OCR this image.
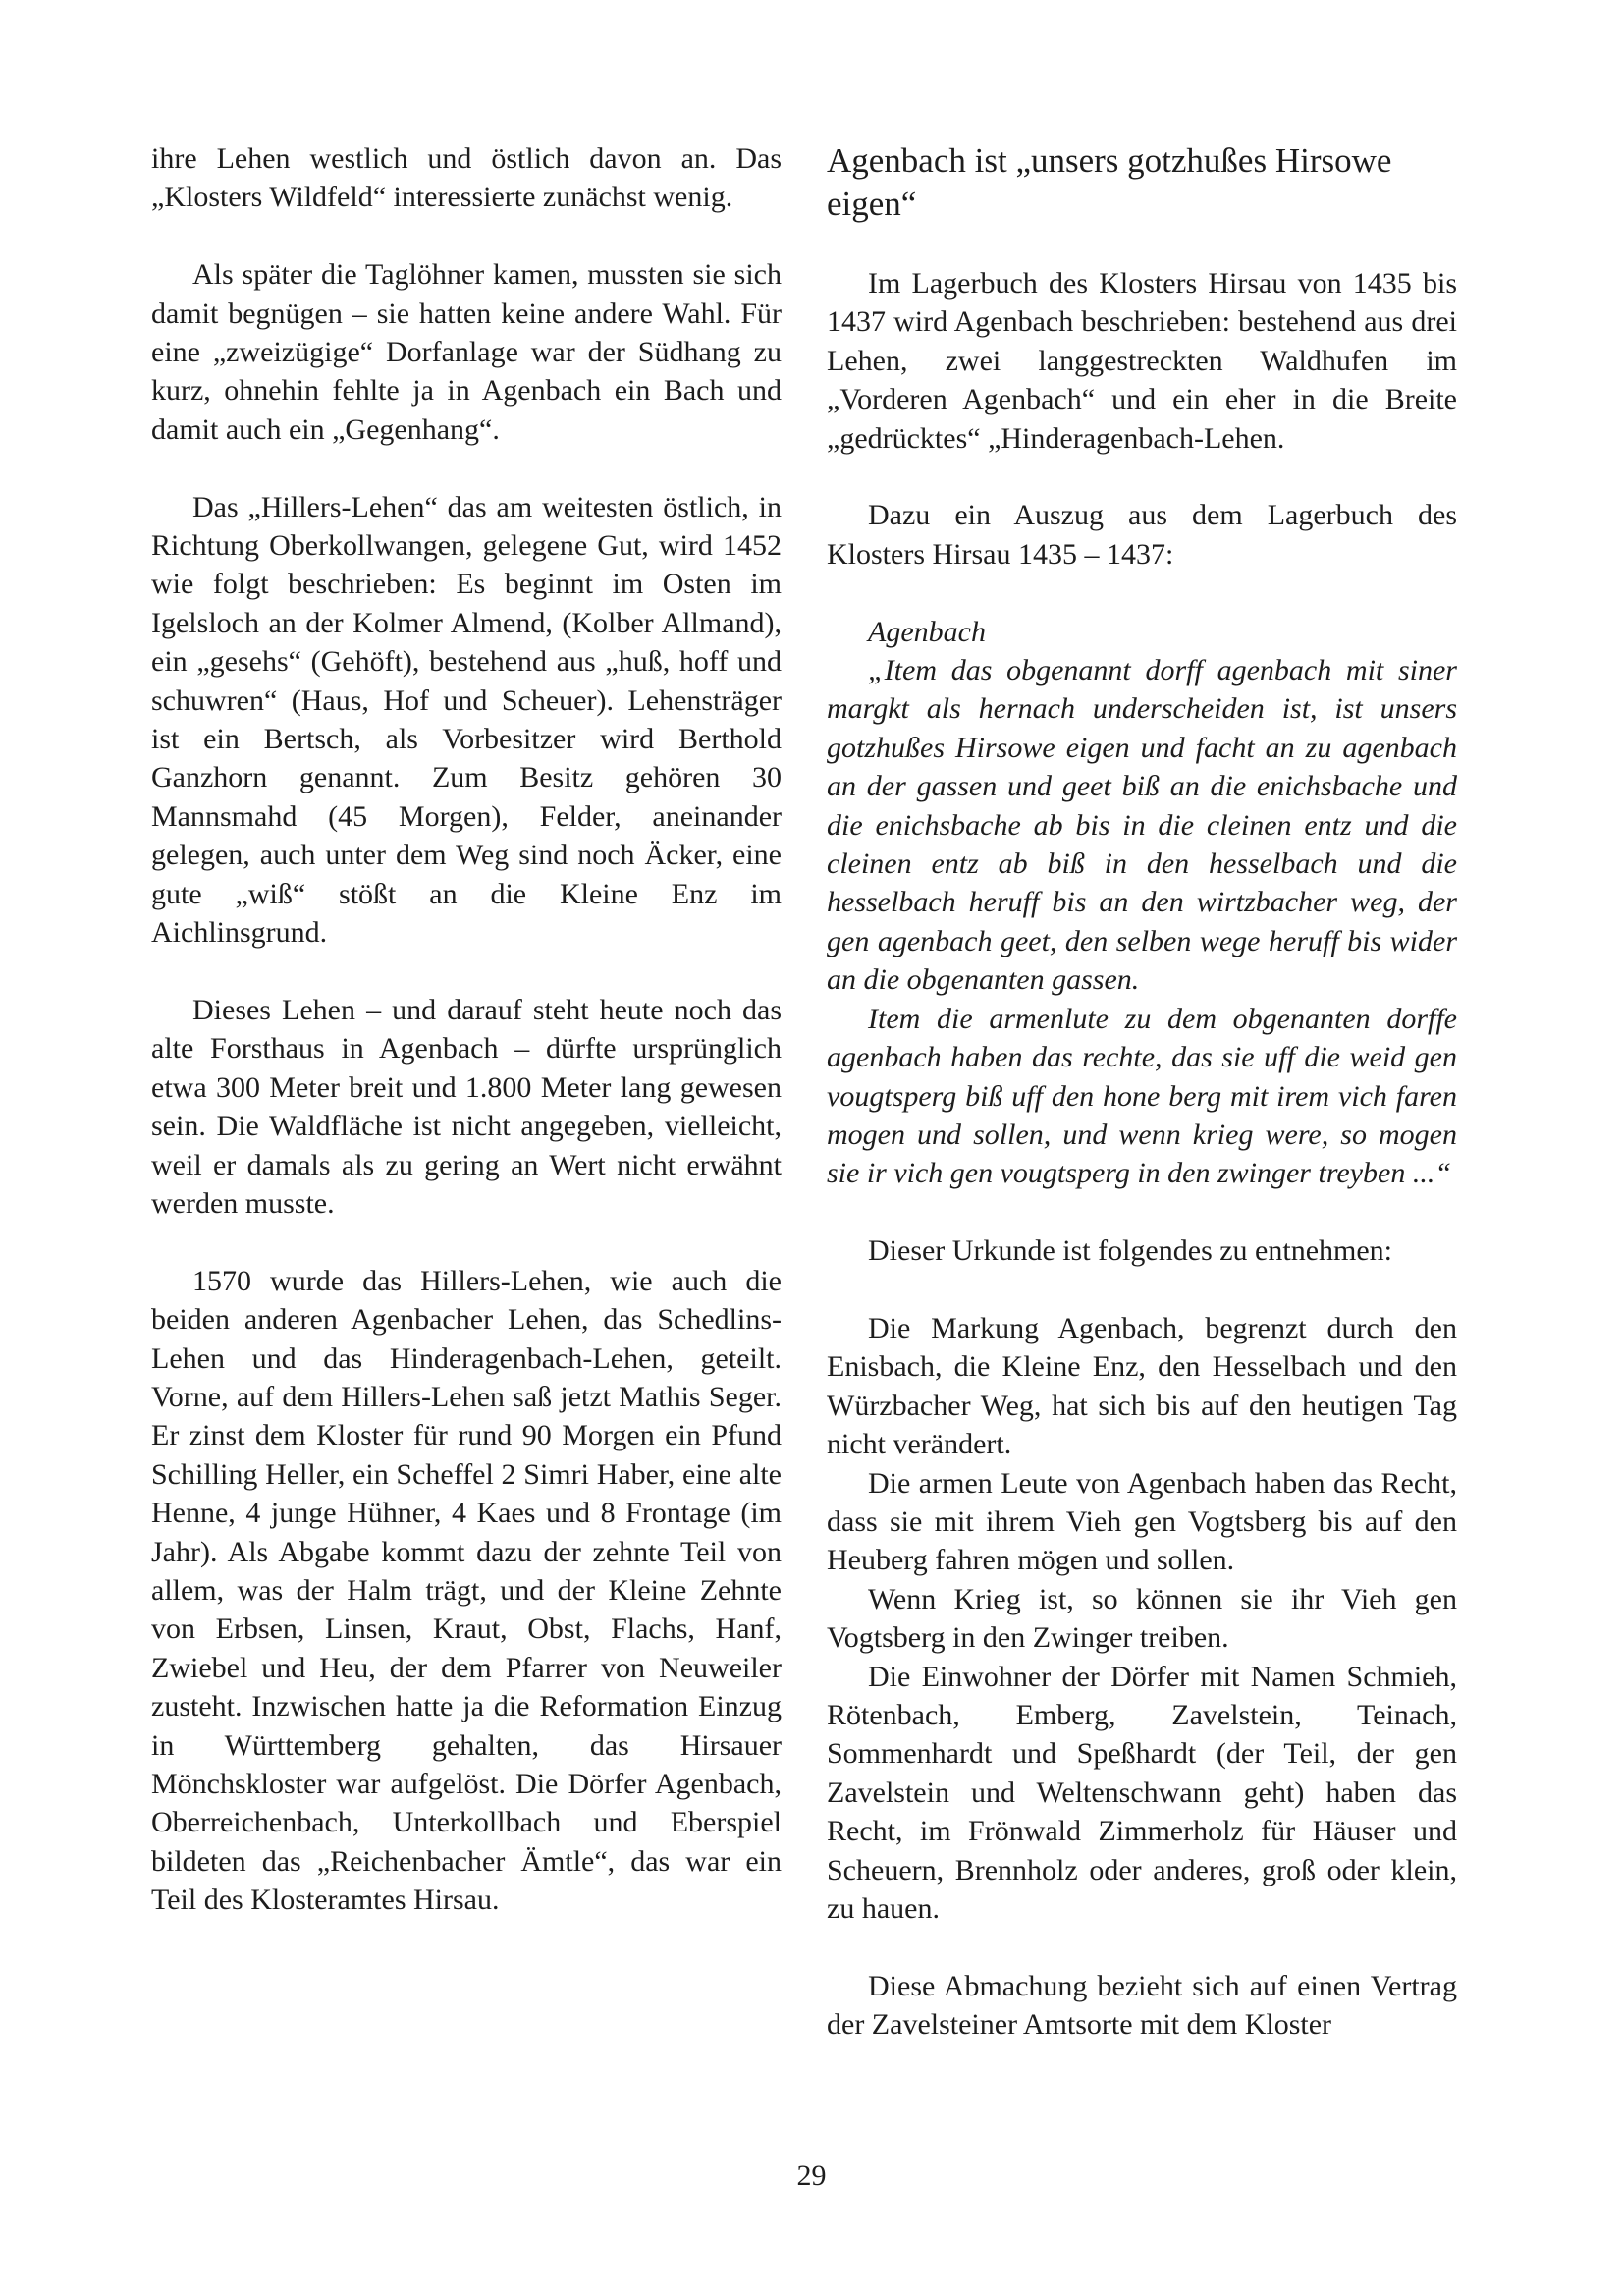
ihre Lehen westlich und östlich davon an. Das „Klosters Wildfeld“ interessierte zunächst wenig.

Als später die Taglöhner kamen, mussten sie sich damit begnügen – sie hatten keine andere Wahl. Für eine „zweizügige“ Dorfanlage war der Südhang zu kurz, ohnehin fehlte ja in Agenbach ein Bach und damit auch ein „Gegenhang“.

Das „Hillers-Lehen“ das am weitesten östlich, in Richtung Oberkollwangen, gelegene Gut, wird 1452 wie folgt beschrieben: Es beginnt im Osten im Igelsloch an der Kolmer Almend, (Kolber Allmand), ein „gesehs“ (Gehöft), bestehend aus „huß, hoff und schuwren“ (Haus, Hof und Scheuer). Lehensträger ist ein Bertsch, als Vorbesitzer wird Berthold Ganzhorn genannt. Zum Besitz gehören 30 Mannsmahd (45 Morgen), Felder, aneinander gelegen, auch unter dem Weg sind noch Äcker, eine gute „wiß“ stößt an die Kleine Enz im Aichlinsgrund.

Dieses Lehen – und darauf steht heute noch das alte Forsthaus in Agenbach – dürfte ursprünglich etwa 300 Meter breit und 1.800 Meter lang gewesen sein. Die Waldfläche ist nicht angegeben, vielleicht, weil er damals als zu gering an Wert nicht erwähnt werden musste.

1570 wurde das Hillers-Lehen, wie auch die beiden anderen Agenbacher Lehen, das Schedlins-Lehen und das Hinderagenbach-Lehen, geteilt. Vorne, auf dem Hillers-Lehen saß jetzt Mathis Seger. Er zinst dem Kloster für rund 90 Morgen ein Pfund Schilling Heller, ein Scheffel 2 Simri Haber, eine alte Henne, 4 junge Hühner, 4 Kaes und 8 Frontage (im Jahr). Als Abgabe kommt dazu der zehnte Teil von allem, was der Halm trägt, und der Kleine Zehnte von Erbsen, Linsen, Kraut, Obst, Flachs, Hanf, Zwiebel und Heu, der dem Pfarrer von Neuweiler zusteht. Inzwischen hatte ja die Reformation Einzug in Württemberg gehalten, das Hirsauer Mönchskloster war aufgelöst. Die Dörfer Agenbach, Oberreichenbach, Unterkollbach und Eberspiel bildeten das „Reichenbacher Ämtle“, das war ein Teil des Klosteramtes Hirsau.

Agenbach ist „unsers gotzhußes Hirsowe eigen“

Im Lagerbuch des Klosters Hirsau von 1435 bis 1437 wird Agenbach beschrieben: bestehend aus drei Lehen, zwei langgestreckten Waldhufen im „Vorderen Agenbach“ und ein eher in die Breite „gedrücktes“ „Hinderagenbach-Lehen.

Dazu ein Auszug aus dem Lagerbuch des Klosters Hirsau 1435 – 1437:

Agenbach

„Item das obgenannt dorff agenbach mit siner margkt als hernach underscheiden ist, ist unsers gotzhußes Hirsowe eigen und facht an zu agenbach an der gassen und geet biß an die enichsbache und die enichsbache ab bis in die cleinen entz und die cleinen entz ab biß in den hesselbach und die hesselbach heruff bis an den wirtzbacher weg, der gen agenbach geet, den selben wege heruff bis wider an die obgenanten gassen.

Item die armenlute zu dem obgenanten dorffe agenbach haben das rechte, das sie uff die weid gen vougtsperg biß uff den hone berg mit irem vich faren mogen und sollen, und wenn krieg were, so mogen sie ir vich gen vougtsperg in den zwinger treyben ...“

Dieser Urkunde ist folgendes zu entnehmen:

Die Markung Agenbach, begrenzt durch den Enisbach, die Kleine Enz, den Hesselbach und den Würzbacher Weg, hat sich bis auf den heutigen Tag nicht verändert.

Die armen Leute von Agenbach haben das Recht, dass sie mit ihrem Vieh gen Vogtsberg bis auf den Heuberg fahren mögen und sollen.

Wenn Krieg ist, so können sie ihr Vieh gen Vogtsberg in den Zwinger treiben.

Die Einwohner der Dörfer mit Namen Schmieh, Rötenbach, Emberg, Zavelstein, Teinach, Sommenhardt und Speßhardt (der Teil, der gen Zavelstein und Weltenschwann geht) haben das Recht, im Frönwald Zimmerholz für Häuser und Scheuern, Brennholz oder anderes, groß oder klein, zu hauen.

Diese Abmachung bezieht sich auf einen Vertrag der Zavelsteiner Amtsorte mit dem Kloster

29
